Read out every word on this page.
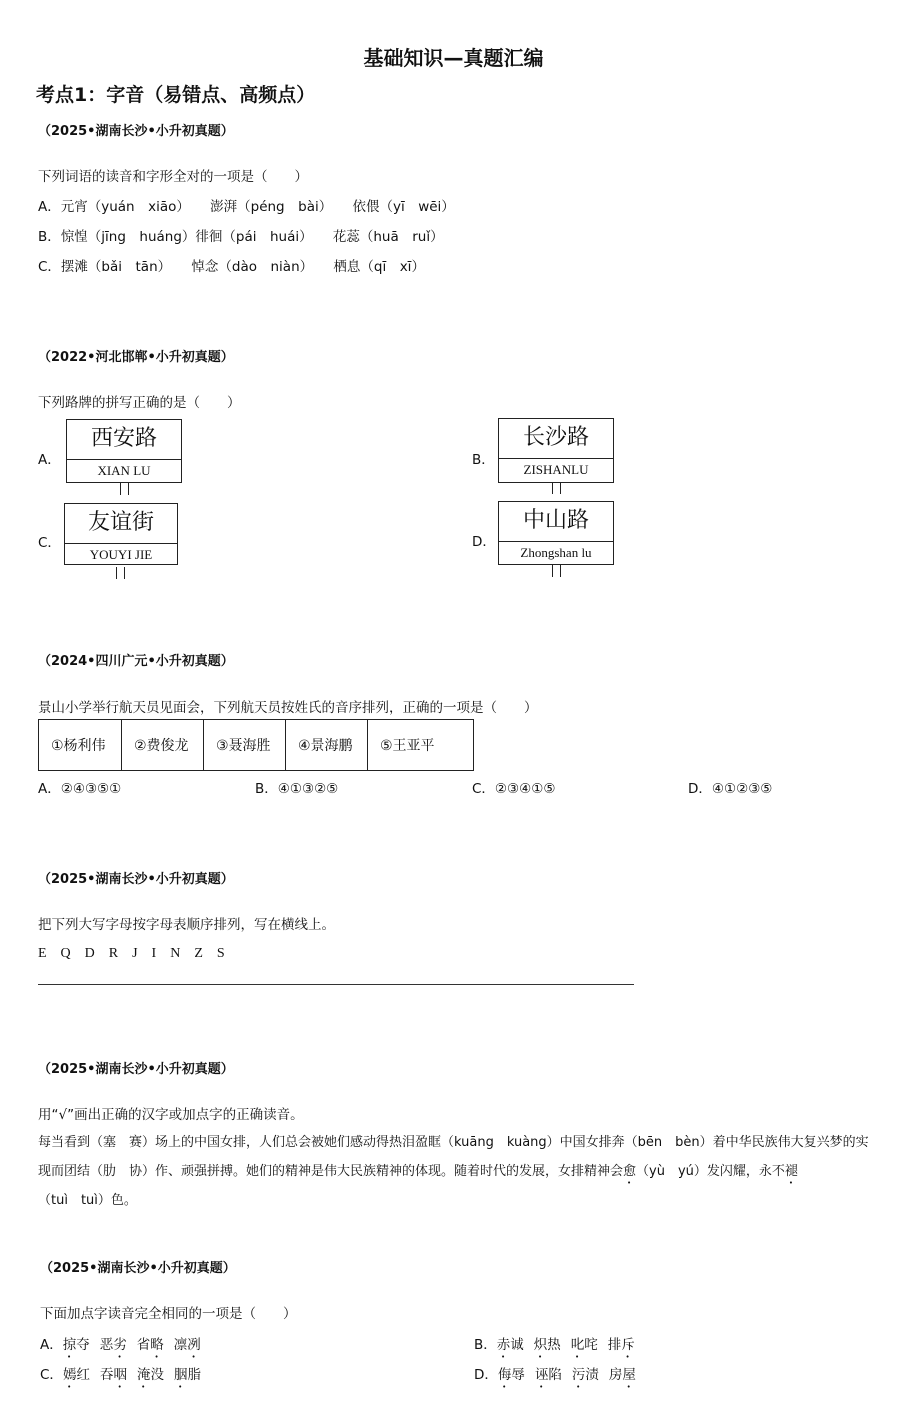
基础知识—真题汇编
考点1：字音（易错点、高频点）
（2025•湖南长沙•小升初真题）
下列词语的读音和字形全对的一项是（　　）
A．元宵（yuán　xiāo）　　澎湃（péng　bài）　　依偎（yī　wēi）
B．惊惶（jīng　huáng）徘徊（pái　huái）　　花蕊（huā　ruǐ）
C．摆滩（bǎi　tān）　　悼念（dào　niàn）　　栖息（qī　xī）
（2022•河北邯郸•小升初真题）
下列路牌的拼写正确的是（　　）
A．
西安路
XIAN LU
B．
长沙路
ZISHANLU
C．
友谊街
YOUYI JIE
D．
中山路
Zhongshan lu
（2024•四川广元•小升初真题）
景山小学举行航天员见面会，下列航天员按姓氏的音序排列，正确的一项是（　　）
①杨利伟	②费俊龙	③聂海胜	④景海鹏	⑤王亚平
A．②④③⑤①	B．④①③②⑤	C．②③④①⑤	D．④①②③⑤
（2025•湖南长沙•小升初真题）
把下列大写字母按字母表顺序排列，写在横线上。
E　Q　D　R　J　I　N　Z　S
（2025•湖南长沙•小升初真题）
用“√”画出正确的汉字或加点字的正确读音。
每当看到（塞　赛）场上的中国女排，人们总会被她们感动得热泪盈眶（kuāng　kuàng）中国女排奔（bēn　bèn）着中华民族伟大复兴梦的实
现而团结（肋　协）作、顽强拼搏。她们的精神是伟大民族精神的体现。随着时代的发展，女排精神会愈（yù　yú）发闪耀，永不褪
（tuì　tuì）色。
（2025•湖南长沙•小升初真题）
下面加点字读音完全相同的一项是（　　）
A．掠夺 恶劣 省略 凛冽	B．赤诚 炽热 叱咤 排斥
C．嫣红 吞咽 淹没 胭脂	D．侮辱 诬陷 污渍 房屋
